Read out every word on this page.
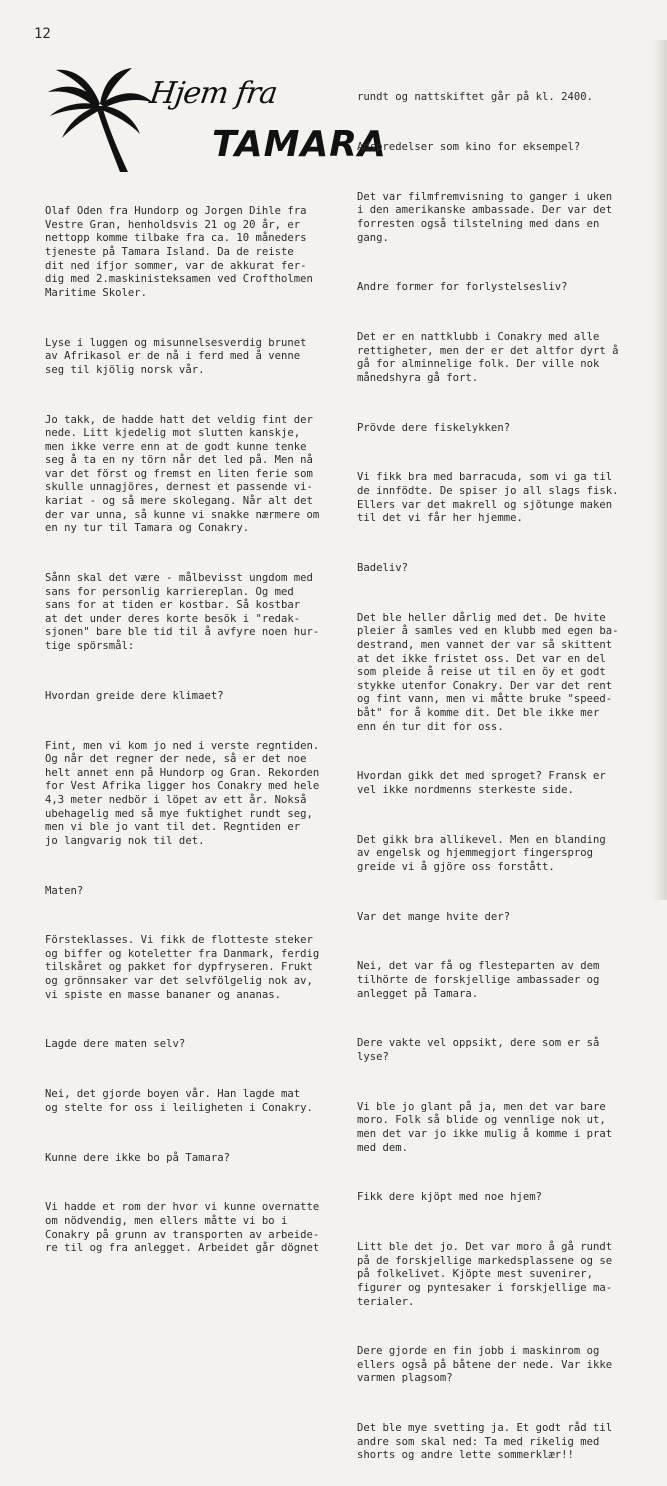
12
Hjem fra
TAMARA

Olaf Oden fra Hundorp og Jorgen Dihle fra
Vestre Gran, henholdsvis 21 og 20 år, er
nettopp komme tilbake fra ca. 10 måneders
tjeneste på Tamara Island. Da de reiste
dit ned ifjor sommer, var de akkurat fer-
dig med 2.maskinisteksamen ved Croftholmen
Maritime Skoler.

Lyse i luggen og misunnelsesverdig brunet
av Afrikasol er de nå i ferd med å venne
seg til kjölig norsk vår.

Jo takk, de hadde hatt det veldig fint der
nede. Litt kjedelig mot slutten kanskje,
men ikke verre enn at de godt kunne tenke
seg å ta en ny törn når det led på. Men nå
var det först og fremst en liten ferie som
skulle unnagjöres, dernest et passende vi-
kariat - og så mere skolegang. Når alt det
der var unna, så kunne vi snakke nærmere om
en ny tur til Tamara og Conakry.

Sånn skal det være - målbevisst ungdom med
sans for personlig karriereplan. Og med
sans for at tiden er kostbar. Så kostbar
at det under deres korte besök i "redak-
sjonen" bare ble tid til å avfyre noen hur-
tige spörsmål:

Hvordan greide dere klimaet?

Fint, men vi kom jo ned i verste regntiden.
Og når det regner der nede, så er det noe
helt annet enn på Hundorp og Gran. Rekorden
for Vest Afrika ligger hos Conakry med hele
4,3 meter nedbör i löpet av ett år. Nokså
ubehagelig med så mye fuktighet rundt seg,
men vi ble jo vant til det. Regntiden er
jo langvarig nok til det.

Maten?

Försteklasses. Vi fikk de flotteste steker
og biffer og koteletter fra Danmark, ferdig
tilskåret og pakket for dypfryseren. Frukt
og grönnsaker var det selvfölgelig nok av,
vi spiste en masse bananer og ananas.

Lagde dere maten selv?

Nei, det gjorde boyen vår. Han lagde mat
og stelte for oss i leiligheten i Conakry.

Kunne dere ikke bo på Tamara?

Vi hadde et rom der hvor vi kunne overnatte
om nödvendig, men ellers måtte vi bo i
Conakry på grunn av transporten av arbeide-
re til og fra anlegget. Arbeidet går dögnet

rundt og nattskiftet går på kl. 2400.

Adspredelser som kino for eksempel?

Det var filmfremvisning to ganger i uken
i den amerikanske ambassade. Der var det
forresten også tilstelning med dans en
gang.

Andre former for forlystelsesliv?

Det er en nattklubb i Conakry med alle
rettigheter, men der er det altfor dyrt å
gå for alminnelige folk. Der ville nok
månedshyra gå fort.

Prövde dere fiskelykken?

Vi fikk bra med barracuda, som vi ga til
de innfödte. De spiser jo all slags fisk.
Ellers var det makrell og sjötunge maken
til det vi får her hjemme.

Badeliv?

Det ble heller dårlig med det. De hvite
pleier å samles ved en klubb med egen ba-
destrand, men vannet der var så skittent
at det ikke fristet oss. Det var en del
som pleide å reise ut til en öy et godt
stykke utenfor Conakry. Der var det rent
og fint vann, men vi måtte bruke "speed-
båt" for å komme dit. Det ble ikke mer
enn én tur dit for oss.

Hvordan gikk det med sproget? Fransk er
vel ikke nordmenns sterkeste side.

Det gikk bra allikevel. Men en blanding
av engelsk og hjemmegjort fingersprog
greide vi å gjöre oss forstått.

Var det mange hvite der?

Nei, det var få og flesteparten av dem
tilhörte de forskjellige ambassader og
anlegget på Tamara.

Dere vakte vel oppsikt, dere som er så
lyse?

Vi ble jo glant på ja, men det var bare
moro. Folk så blide og vennlige nok ut,
men det var jo ikke mulig å komme i prat
med dem.

Fikk dere kjöpt med noe hjem?

Litt ble det jo. Det var moro å gå rundt
på de forskjellige markedsplassene og se
på folkelivet. Kjöpte mest suvenirer,
figurer og pyntesaker i forskjellige ma-
terialer.

Dere gjorde en fin jobb i maskinrom og
ellers også på båtene der nede. Var ikke
varmen plagsom?

Det ble mye svetting ja. Et godt råd til
andre som skal ned: Ta med rikelig med
shorts og andre lette sommerklær!!
